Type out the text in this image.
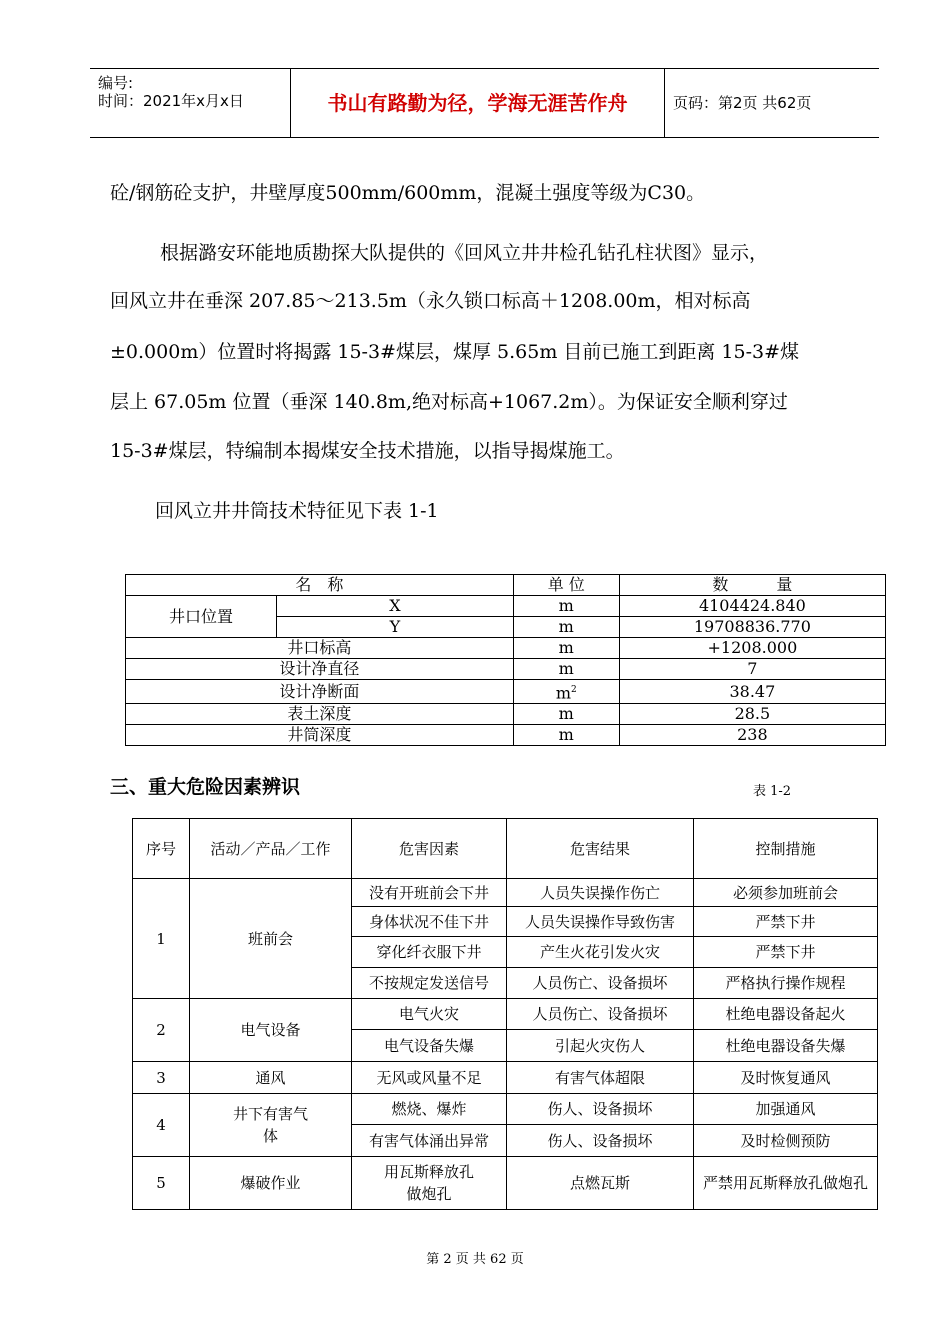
编号:
时间：2021年x月x日	书山有路勤为径，学海无涯苦作舟	页码：第2页 共62页
砼/钢筋砼支护，井壁厚度500mm/600mm，混凝土强度等级为C30。
根据潞安环能地质勘探大队提供的《回风立井井检孔钻孔柱状图》显示，
回风立井在垂深 207.85～213.5m（永久锁口标高＋1208.00m，相对标高
±0.000m）位置时将揭露 15-3#煤层，煤厚 5.65m 目前已施工到距离 15-3#煤
层上 67.05m 位置（垂深 140.8m,绝对标高+1067.2m）。为保证安全顺利穿过
15-3#煤层，特编制本揭煤安全技术措施，以指导揭煤施工。
回风立井井筒技术特征见下表 1-1
名　称		单 位	数　　　量
井口位置	X	m	4104424.840
	Y	m	19708836.770
井口标高		m	+1208.000
设计净直径		m	7
设计净断面		$m^2$	38.47
表土深度		m	28.5
井筒深度		m	238
三、重大危险因素辨识	表 1-2
序号	活动／产品／工作	危害因素	危害结果	控制措施
1	班前会	没有开班前会下井	人员失误操作伤亡	必须参加班前会
		身体状况不佳下井	人员失误操作导致伤害	严禁下井
		穿化纤衣服下井	产生火花引发火灾	严禁下井
		不按规定发送信号	人员伤亡、设备损坏	严格执行操作规程
2	电气设备	电气火灾	人员伤亡、设备损坏	杜绝电器设备起火
		电气设备失爆	引起火灾伤人	杜绝电器设备失爆
3	通风	无风或风量不足	有害气体超限	及时恢复通风
4	井下有害气体	燃烧、爆炸	伤人、设备损坏	加强通风
		有害气体涌出异常	伤人、设备损坏	及时检侧预防
5	爆破作业	用瓦斯释放孔做炮孔	点燃瓦斯	严禁用瓦斯释放孔做炮孔
第 2 页 共 62 页
